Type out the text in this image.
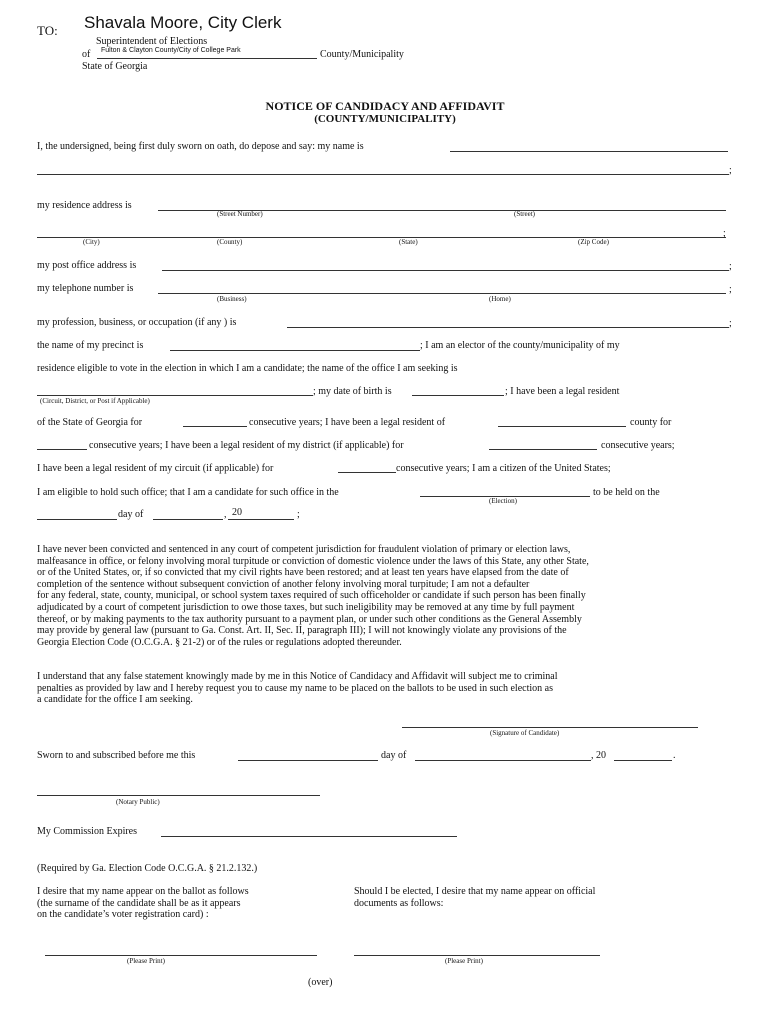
TO: Shavala Moore, City Clerk
Superintendent of Elections
of Fulton & Clayton County/City of College Park	County/Municipality
State of Georgia
NOTICE OF CANDIDACY AND AFFIDAVIT
(COUNTY/MUNICIPALITY)
I, the undersigned, being first duly sworn on oath, do depose and say: my name is
;
my residence address is
(Street Number)	(Street)
;
(City)	(County)	(State)	(Zip Code)
my post office address is	;
my telephone number is	;
(Business)	(Home)
my profession, business, or occupation (if any ) is	;
the name of my precinct is	; I am an elector of the county/municipality of my
residence eligible to vote in the election in which I am a candidate; the name of the office I am seeking is
; my date of birth is	; I have been a legal resident
(Circuit, District, or Post if Applicable)
of the State of Georgia for	consecutive years; I have been a legal resident of	county for
consecutive years; I have been a legal resident of my district (if applicable) for	consecutive years;
I have been a legal resident of my circuit (if applicable) for	consecutive years; I am a citizen of the United States;
I am eligible to hold such office; that I am a candidate for such office in the	to be held on the
(Election)
day of	, 20	;
I have never been convicted and sentenced in any court of competent jurisdiction for fraudulent violation of primary or election laws,
malfeasance in office, or felony involving moral turpitude or conviction of domestic violence under the laws of this State, any other State,
or of the United States, or, if so convicted that my civil rights have been restored; and at least ten years have elapsed from the date of
completion of the sentence without subsequent conviction of another felony involving moral turpitude; I am not a defaulter
for any federal, state, county, municipal, or school system taxes required of such officeholder or candidate if such person has been finally
adjudicated by a court of competent jurisdiction to owe those taxes, but such ineligibility may be removed at any time by full payment
thereof, or by making payments to the tax authority pursuant to a payment plan, or under such other conditions as the General Assembly
may provide by general law (pursuant to Ga. Const. Art. II, Sec. II, paragraph III); I will not knowingly violate any provisions of the
Georgia Election Code (O.C.G.A. § 21-2) or of the rules or regulations adopted thereunder.
I understand that any false statement knowingly made by me in this Notice of Candidacy and Affidavit will subject me to criminal
penalties as provided by law and I hereby request you to cause my name to be placed on the ballots to be used in such election as
a candidate for the office I am seeking.
(Signature of Candidate)
Sworn to and subscribed before me this	day of	, 20	.
(Notary Public)
My Commission Expires
(Required by Ga. Election Code O.C.G.A. § 21.2.132.)
I desire that my name appear on the ballot as follows
(the surname of the candidate shall be as it appears
on the candidate’s voter registration card) :
Should I be elected, I desire that my name appear on official
documents as follows:
(Please Print)	(Please Print)
(over)
